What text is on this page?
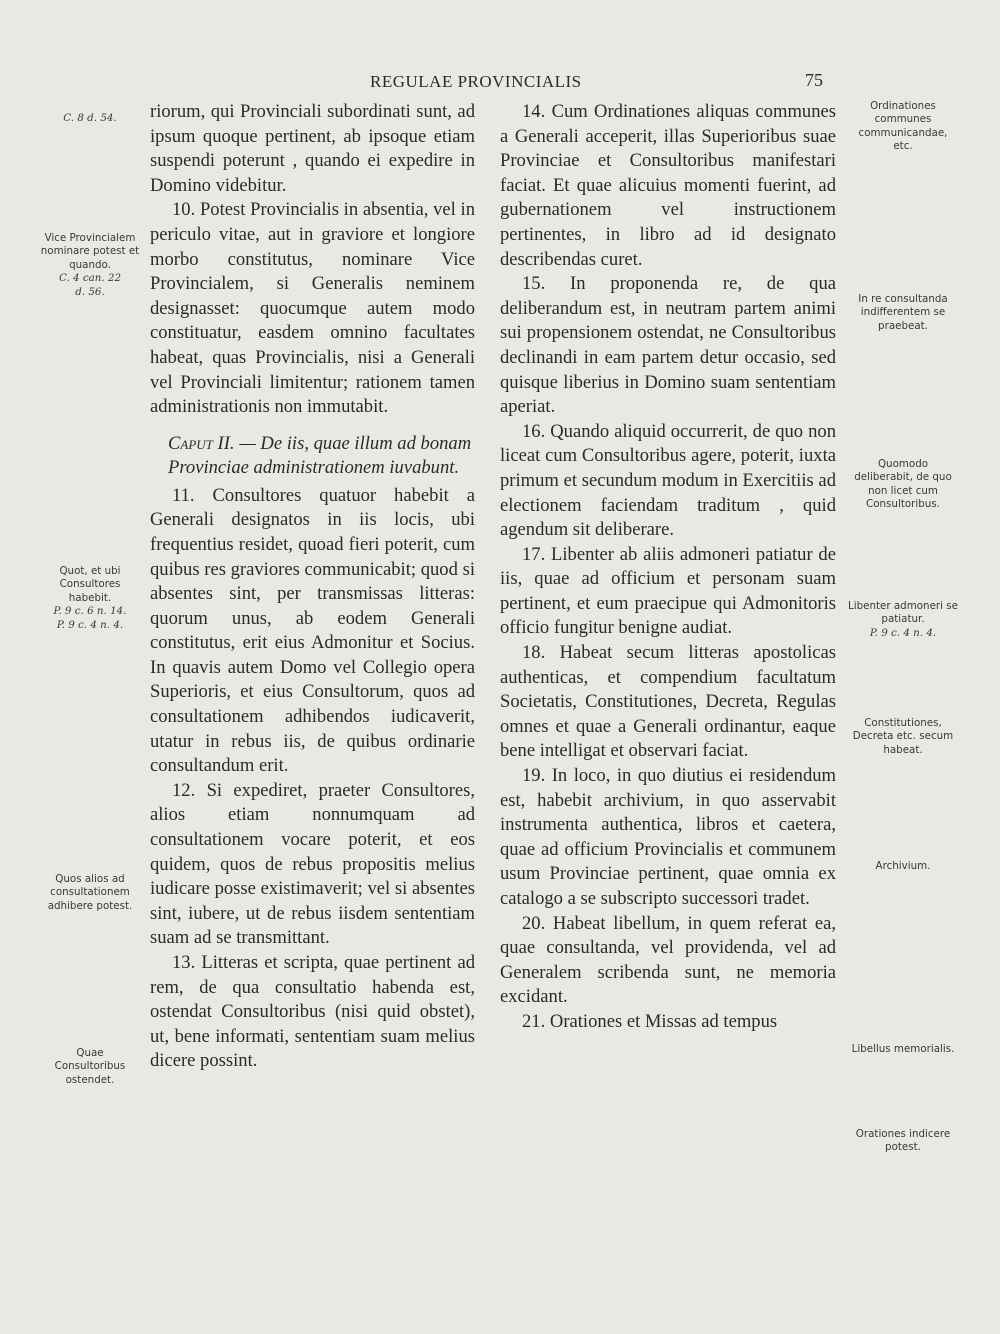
REGULAE PROVINCIALIS	75
C. 8 d. 54.
Vice Provincialem nominare potest et quando.
C. 4 can. 22
d. 56.
Quot, et ubi Consultores habebit.
P. 9 c. 6 n. 14.
P. 9 c. 4 n. 4.
Quos alios ad consultationem adhibere potest.
Quae Consultoribus ostendet.

riorum, qui Provinciali subordinati sunt, ad ipsum quoque pertinent, ab ipsoque etiam suspendi poterunt , quando ei expedire in Domino videbitur.

10. Potest Provincialis in absentia, vel in periculo vitae, aut in graviore et longiore morbo constitutus, nominare Vice Provincialem, si Generalis neminem designasset: quocumque autem modo constituatur, easdem omnino facultates habeat, quas Provincialis, nisi a Generali vel Provinciali limitentur; rationem tamen administrationis non immutabit.

Caput II. — De iis, quae illum ad bonam Provinciae administrationem iuvabunt.

11. Consultores quatuor habebit a Generali designatos in iis locis, ubi frequentius residet, quoad fieri poterit, cum quibus res graviores communicabit; quod si absentes sint, per transmissas litteras: quorum unus, ab eodem Generali constitutus, erit eius Admonitur et Socius. In quavis autem Domo vel Collegio opera Superioris, et eius Consultorum, quos ad consultationem adhibendos iudicaverit, utatur in rebus iis, de quibus ordinarie consultandum erit.

12. Si expediret, praeter Consultores, alios etiam nonnumquam ad consultationem vocare poterit, et eos quidem, quos de rebus propositis melius iudicare posse existimaverit; vel si absentes sint, iubere, ut de rebus iisdem sententiam suam ad se transmittant.

13. Litteras et scripta, quae pertinent ad rem, de qua consultatio habenda est, ostendat Consultoribus (nisi quid obstet), ut, bene informati, sententiam suam melius dicere possint.

14. Cum Ordinationes aliquas communes a Generali acceperit, illas Superioribus suae Provinciae et Consultoribus manifestari faciat. Et quae alicuius momenti fuerint, ad gubernationem vel instructionem pertinentes, in libro ad id designato describendas curet.

15. In proponenda re, de qua deliberandum est, in neutram partem animi sui propensionem ostendat, ne Consultoribus declinandi in eam partem detur occasio, sed quisque liberius in Domino suam sententiam aperiat.

16. Quando aliquid occurrerit, de quo non liceat cum Consultoribus agere, poterit, iuxta primum et secundum modum in Exercitiis ad electionem faciendam traditum , quid agendum sit deliberare.

17. Libenter ab aliis admoneri patiatur de iis, quae ad officium et personam suam pertinent, et eum praecipue qui Admonitoris officio fungitur benigne audiat.

18. Habeat secum litteras apostolicas authenticas, et compendium facultatum Societatis, Constitutiones, Decreta, Regulas omnes et quae a Generali ordinantur, eaque bene intelligat et observari faciat.

19. In loco, in quo diutius ei residendum est, habebit archivium, in quo asservabit instrumenta authentica, libros et caetera, quae ad officium Provincialis et communem usum Provinciae pertinent, quae omnia ex catalogo a se subscripto successori tradet.

20. Habeat libellum, in quem referat ea, quae consultanda, vel providenda, vel ad Generalem scribenda sunt, ne memoria excidant.

21. Orationes et Missas ad tempus

Ordinationes communes communicandae, etc.
In re consultanda indifferentem se praebeat.
Quomodo deliberabit, de quo non licet cum Consultoribus.
Libenter admoneri se patiatur.
P. 9 c. 4 n. 4.
Constitutiones, Decreta etc. secum habeat.
Archivium.
Libellus memorialis.
Orationes indicere potest.
